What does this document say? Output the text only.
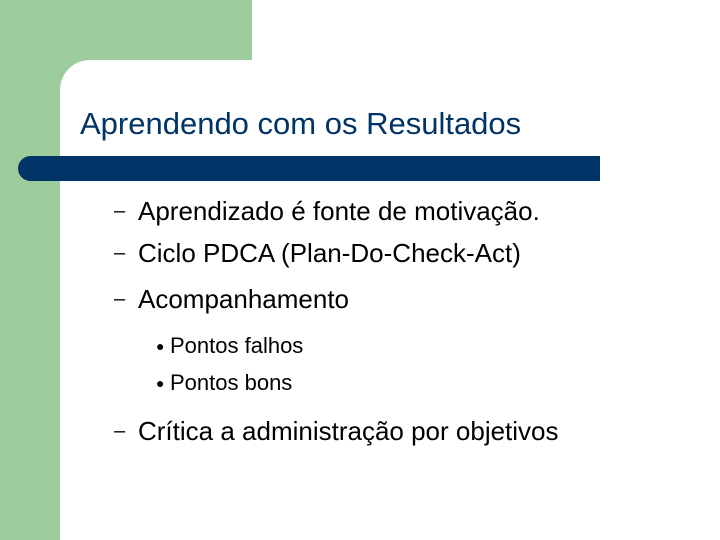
Aprendendo com os Resultados
– Aprendizado é fonte de motivação.
– Ciclo PDCA (Plan-Do-Check-Act)
– Acompanhamento
● Pontos falhos
● Pontos bons
– Crítica a administração por objetivos
